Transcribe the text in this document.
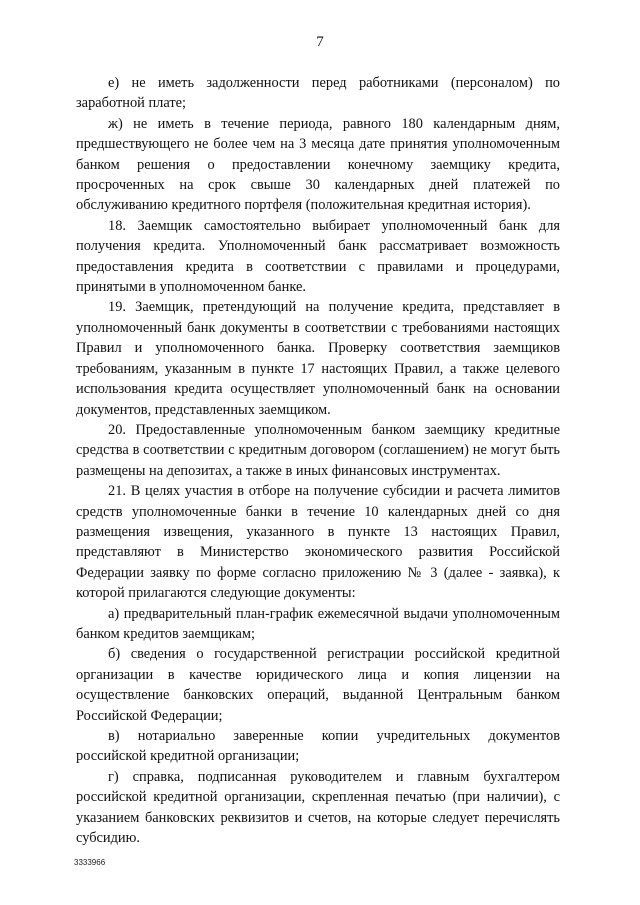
7

е) не иметь задолженности перед работниками (персоналом) по заработной плате;

ж) не иметь в течение периода, равного 180 календарным дням, предшествующего не более чем на 3 месяца дате принятия уполномоченным банком решения о предоставлении конечному заемщику кредита, просроченных на срок свыше 30 календарных дней платежей по обслуживанию кредитного портфеля (положительная кредитная история).

18. Заемщик самостоятельно выбирает уполномоченный банк для получения кредита. Уполномоченный банк рассматривает возможность предоставления кредита в соответствии с правилами и процедурами, принятыми в уполномоченном банке.

19. Заемщик, претендующий на получение кредита, представляет в уполномоченный банк документы в соответствии с требованиями настоящих Правил и уполномоченного банка. Проверку соответствия заемщиков требованиям, указанным в пункте 17 настоящих Правил, а также целевого использования кредита осуществляет уполномоченный банк на основании документов, представленных заемщиком.

20. Предоставленные уполномоченным банком заемщику кредитные средства в соответствии с кредитным договором (соглашением) не могут быть размещены на депозитах, а также в иных финансовых инструментах.

21. В целях участия в отборе на получение субсидии и расчета лимитов средств уполномоченные банки в течение 10 календарных дней со дня размещения извещения, указанного в пункте 13 настоящих Правил, представляют в Министерство экономического развития Российской Федерации заявку по форме согласно приложению № 3 (далее - заявка), к которой прилагаются следующие документы:

а) предварительный план-график ежемесячной выдачи уполномоченным банком кредитов заемщикам;

б) сведения о государственной регистрации российской кредитной организации в качестве юридического лица и копия лицензии на осуществление банковских операций, выданной Центральным банком Российской Федерации;

в) нотариально заверенные копии учредительных документов российской кредитной организации;

г) справка, подписанная руководителем и главным бухгалтером российской кредитной организации, скрепленная печатью (при наличии), с указанием банковских реквизитов и счетов, на которые следует перечислять субсидию.

3333966
